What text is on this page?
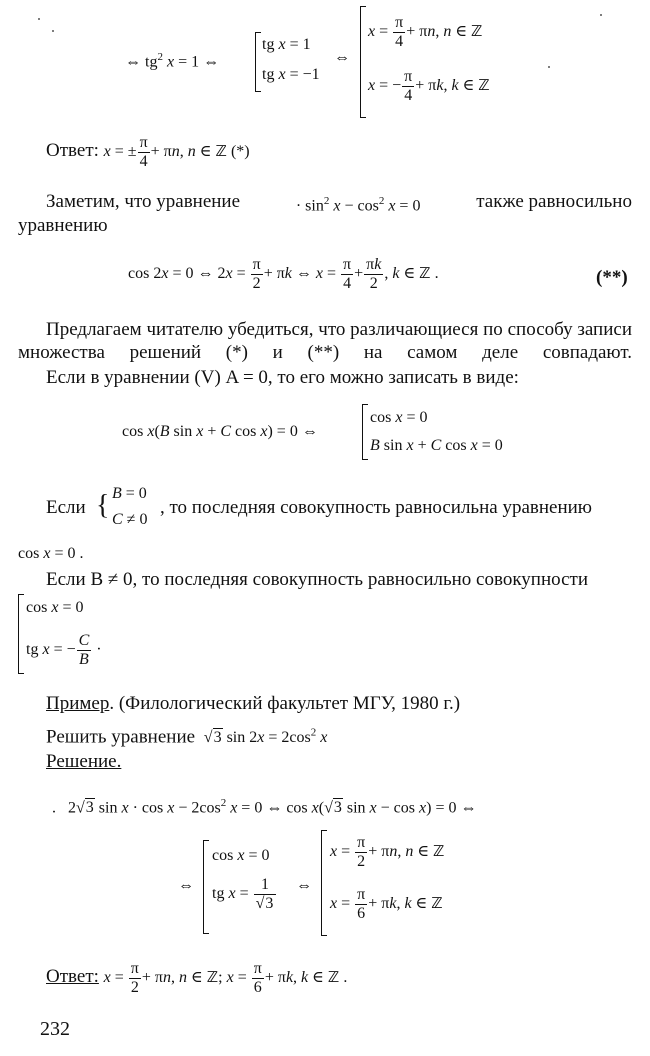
⇔ $tg^2$ x = 1 ⇔
tg x = 1
tg x = −1
⇔
$x = \frac{\pi}{4} + \pi n$, n ∈ ℤ
x = − $\frac{\pi}{4} + \pi k$, k ∈ ℤ
Ответ: x = ± $\frac{\pi}{4} + \pi n$, n ∈ ℤ (*)
Заметим, что уравнение	· $\sin^2 x - \cos^2 x = 0$	также равносильно
уравнению
cos 2x = 0 ⇔ $2x = \frac{\pi}{2} + \pi k$ ⇔ $x = \frac{\pi}{4} + \frac{\pi k}{2}$ , k ∈ ℤ .	(**)
Предлагаем читателю убедиться, что различающиеся по способу записи множества решений (*) и (**) на самом деле совпадают.
Если в уравнении (V) A = 0, то его можно записать в виде:
cos x(B sin x + C cos x) = 0 ⇔
cos x = 0
B sin x + C cos x = 0
Если { B = 0
C ≠ 0
, то последняя совокупность равносильна уравнению
cos x = 0 .
Если B ≠ 0, то последняя совокупность равносильно совокупности
cos x = 0
tg x = − $\frac{C}{B}$ ·
Пример. (Филологический факультет МГУ, 1980 г.)
Решить уравнение  √3 $\sin 2x = 2\cos^2$ x
Решение.
.   2√3 $\sin x \cdot \cos x - 2\cos^2$ x = 0 ⇔ cos x(√3 sin x − cos x) = 0 ⇔
⇔
cos x = 0
tg $x = \frac{1}{√3}$ ⇔
$x = \frac{\pi}{2} + \pi n$, n ∈ ℤ
$x = \frac{\pi}{6} + \pi k$, k ∈ ℤ
Ответ: $x = \frac{\pi}{2} + \pi n$, n ∈ ℤ; $x = \frac{\pi}{6} + \pi k$, k ∈ ℤ .
232
